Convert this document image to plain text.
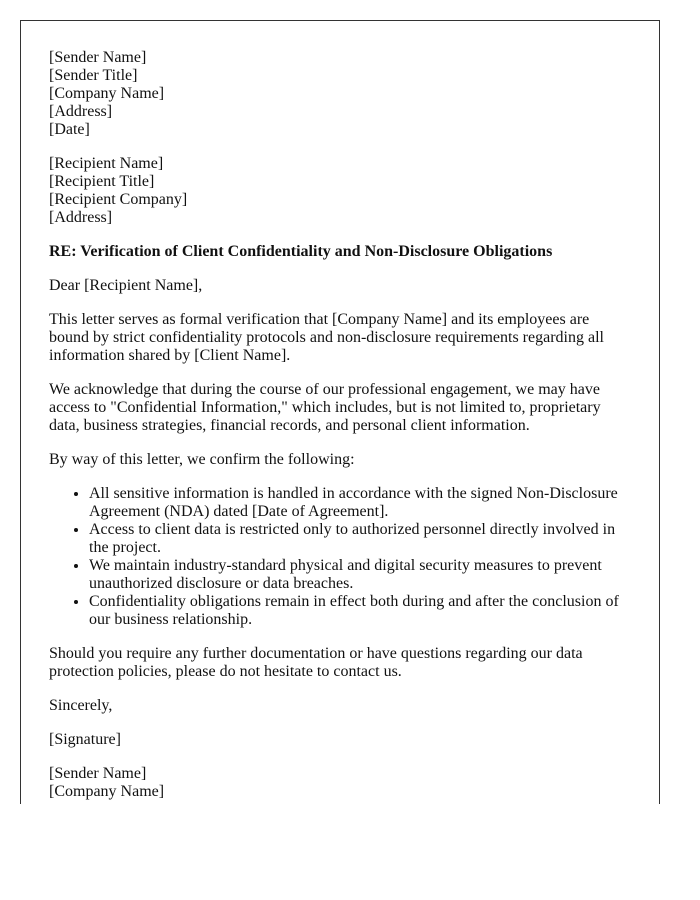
[Sender Name]
[Sender Title]
[Company Name]
[Address]
[Date]
[Recipient Name]
[Recipient Title]
[Recipient Company]
[Address]

RE: Verification of Client Confidentiality and Non-Disclosure Obligations

Dear [Recipient Name],

This letter serves as formal verification that [Company Name] and its employees are bound by strict confidentiality protocols and non-disclosure requirements regarding all information shared by [Client Name].

We acknowledge that during the course of our professional engagement, we may have access to "Confidential Information," which includes, but is not limited to, proprietary data, business strategies, financial records, and personal client information.

By way of this letter, we confirm the following:

• All sensitive information is handled in accordance with the signed Non-Disclosure Agreement (NDA) dated [Date of Agreement].
• Access to client data is restricted only to authorized personnel directly involved in the project.
• We maintain industry-standard physical and digital security measures to prevent unauthorized disclosure or data breaches.
• Confidentiality obligations remain in effect both during and after the conclusion of our business relationship.

Should you require any further documentation or have questions regarding our data protection policies, please do not hesitate to contact us.

Sincerely,

[Signature]

[Sender Name]
[Company Name]
